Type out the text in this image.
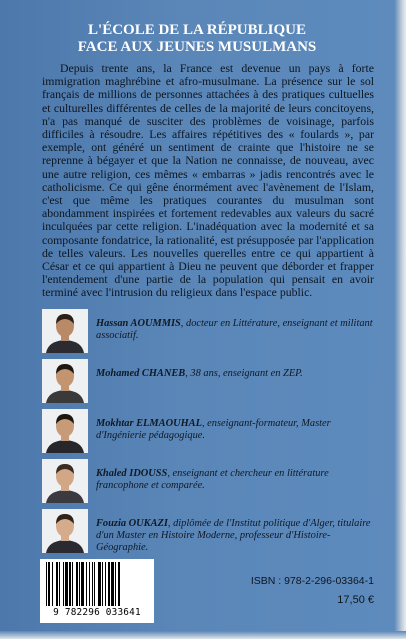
L'ÉCOLE DE LA RÉPUBLIQUE
FACE AUX JEUNES MUSULMANS

Depuis trente ans, la France est devenue un pays à forte immigration maghrébine et afro-musulmane. La présence sur le sol français de millions de personnes attachées à des pratiques cultuelles et culturelles différentes de celles de la majorité de leurs concitoyens, n'a pas manqué de susciter des problèmes de voisinage, parfois difficiles à résoudre. Les affaires répétitives des « foulards », par exemple, ont généré un sentiment de crainte que l'histoire ne se reprenne à bégayer et que la Nation ne connaisse, de nouveau, avec une autre religion, ces mêmes « embarras » jadis rencontrés avec le catholicisme. Ce qui gêne énormément avec l'avènement de l'Islam, c'est que même les pratiques courantes du musulman sont abondamment inspirées et fortement redevables aux valeurs du sacré inculquées par cette religion. L'inadéquation avec la modernité et sa composante fondatrice, la rationalité, est présupposée par l'application de telles valeurs. Les nouvelles querelles entre ce qui appartient à César et ce qui appartient à Dieu ne peuvent que déborder et frapper l'entendement d'une partie de la population qui pensait en avoir terminé avec l'intrusion du religieux dans l'espace public.

Hassan AOUMMIS, docteur en Littérature, enseignant et militant associatif.

Mohamed CHANEB, 38 ans, enseignant en ZEP.

Mokhtar ELMAOUHAL, enseignant-formateur, Master d'Ingénierie pédagogique.

Khaled IDOUSS, enseignant et chercheur en littérature francophone et comparée.

Fouzia OUKAZI, diplômée de l'Institut politique d'Alger, titulaire d'un Master en Histoire Moderne, professeur d'Histoire-Géographie.

9 782296 033641

ISBN : 978-2-296-03364-1

17,50 €
